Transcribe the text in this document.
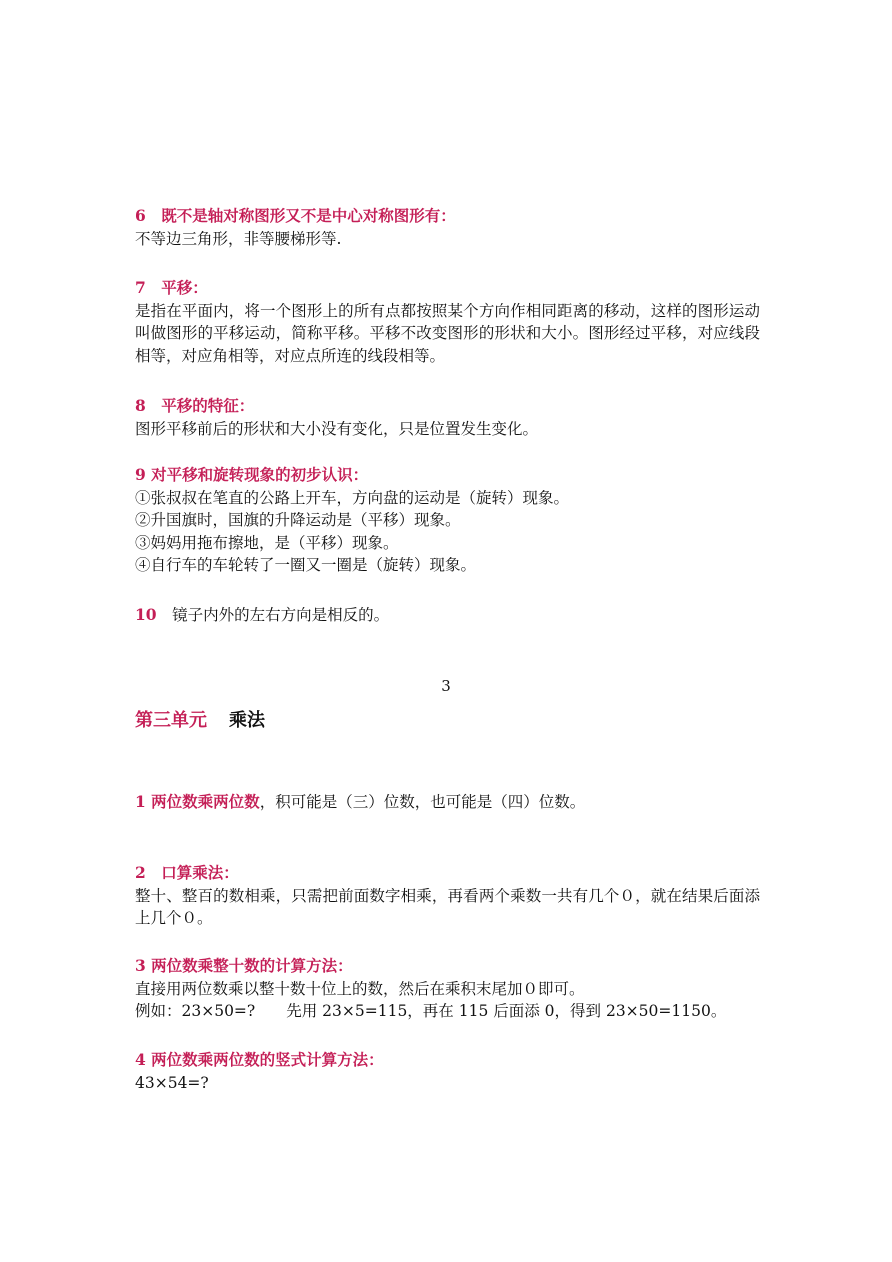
6　既不是轴对称图形又不是中心对称图形有：
不等边三角形，非等腰梯形等.
7　平移：
是指在平面内，将一个图形上的所有点都按照某个方向作相同距离的移动，这样的图形运动叫做图形的平移运动，简称平移。平移不改变图形的形状和大小。图形经过平移，对应线段相等，对应角相等，对应点所连的线段相等。
8　平移的特征：
图形平移前后的形状和大小没有变化，只是位置发生变化。
9 对平移和旋转现象的初步认识：
①张叔叔在笔直的公路上开车，方向盘的运动是（旋转）现象。
②升国旗时，国旗的升降运动是（平移）现象。
③妈妈用拖布擦地，是（平移）现象。
④自行车的车轮转了一圈又一圈是（旋转）现象。
10　镜子内外的左右方向是相反的。
3
第三单元 乘法
1 两位数乘两位数，积可能是（三）位数，也可能是（四）位数。
2　口算乘法：
整十、整百的数相乘，只需把前面数字相乘，再看两个乘数一共有几个０，就在结果后面添上几个０。
3 两位数乘整十数的计算方法：
直接用两位数乘以整十数十位上的数，然后在乘积末尾加０即可。
例如：23×50=?　　先用 23×5=115，再在 115 后面添 0，得到 23×50=1150。
4 两位数乘两位数的竖式计算方法：
43×54=?
